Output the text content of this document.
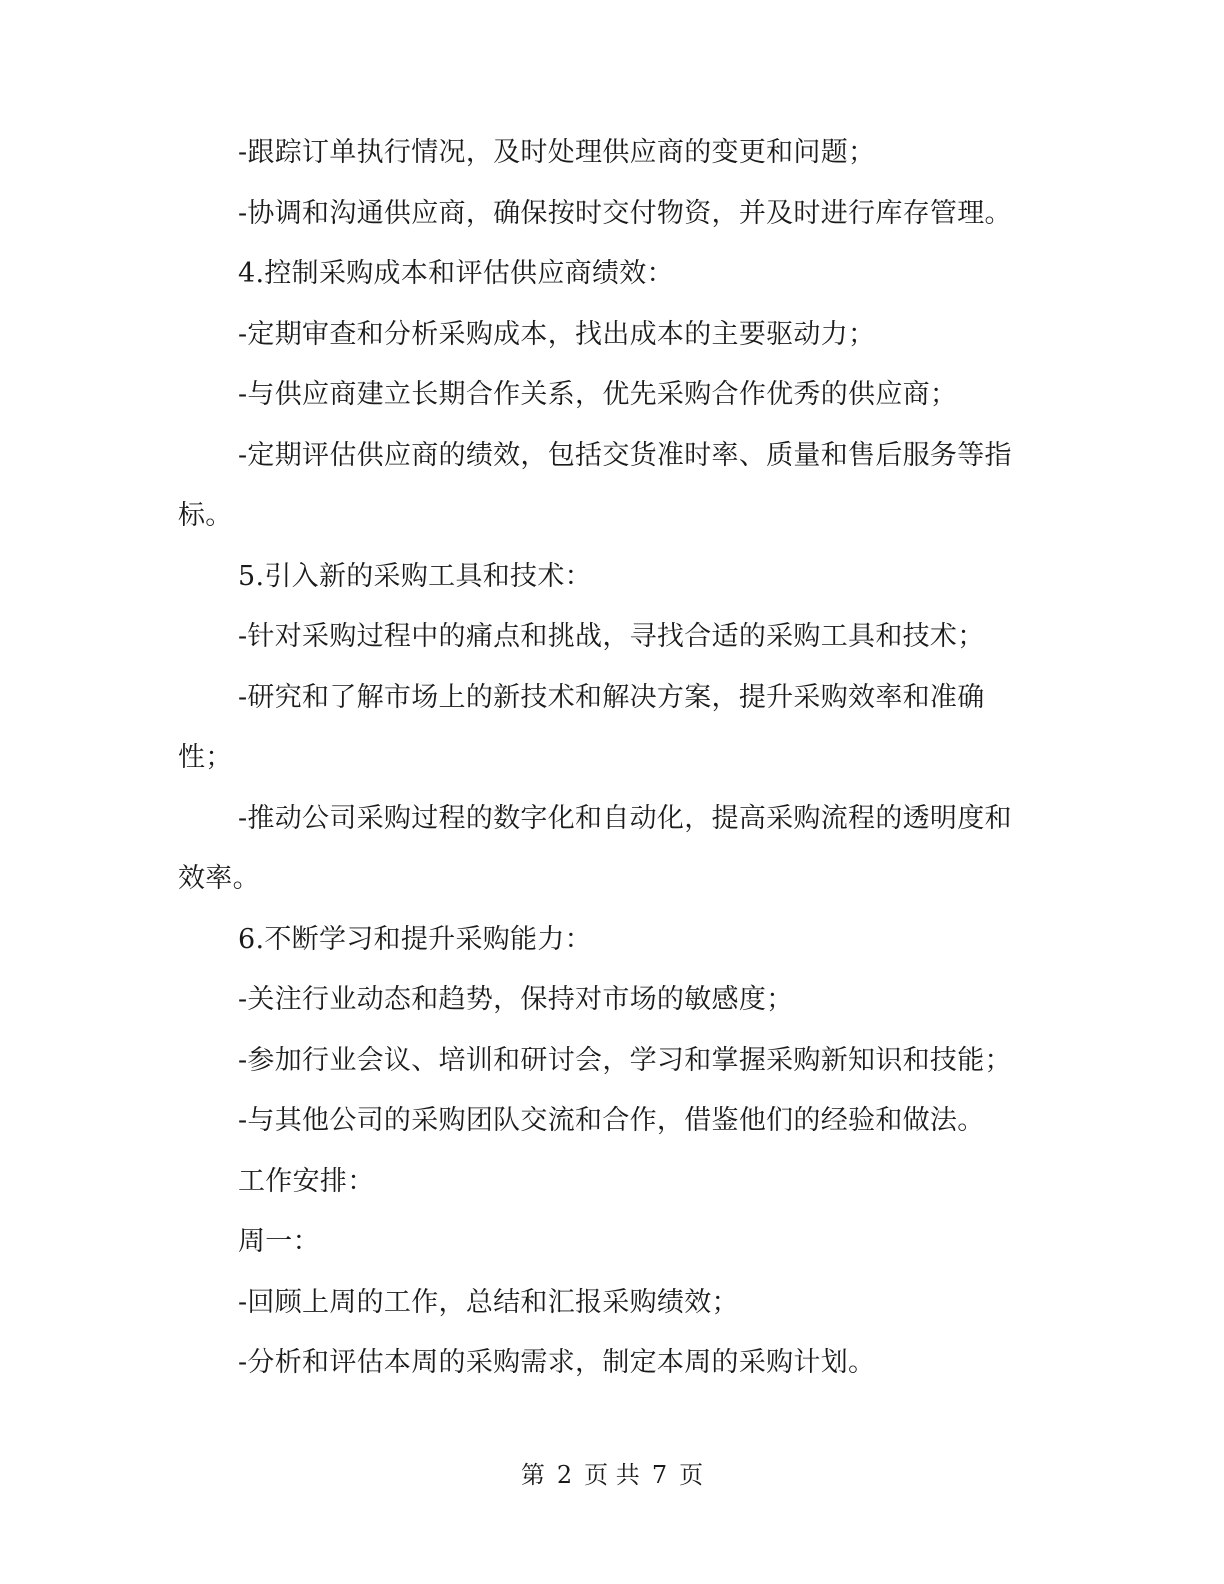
-跟踪订单执行情况，及时处理供应商的变更和问题；
-协调和沟通供应商，确保按时交付物资，并及时进行库存管理。
4.控制采购成本和评估供应商绩效：
-定期审查和分析采购成本，找出成本的主要驱动力；
-与供应商建立长期合作关系，优先采购合作优秀的供应商；
-定期评估供应商的绩效，包括交货准时率、质量和售后服务等指
标。
5.引入新的采购工具和技术：
-针对采购过程中的痛点和挑战，寻找合适的采购工具和技术；
-研究和了解市场上的新技术和解决方案，提升采购效率和准确
性；
-推动公司采购过程的数字化和自动化，提高采购流程的透明度和
效率。
6.不断学习和提升采购能力：
-关注行业动态和趋势，保持对市场的敏感度；
-参加行业会议、培训和研讨会，学习和掌握采购新知识和技能；
-与其他公司的采购团队交流和合作，借鉴他们的经验和做法。
工作安排：
周一：
-回顾上周的工作，总结和汇报采购绩效；
-分析和评估本周的采购需求，制定本周的采购计划。
第 2 页 共 7 页
